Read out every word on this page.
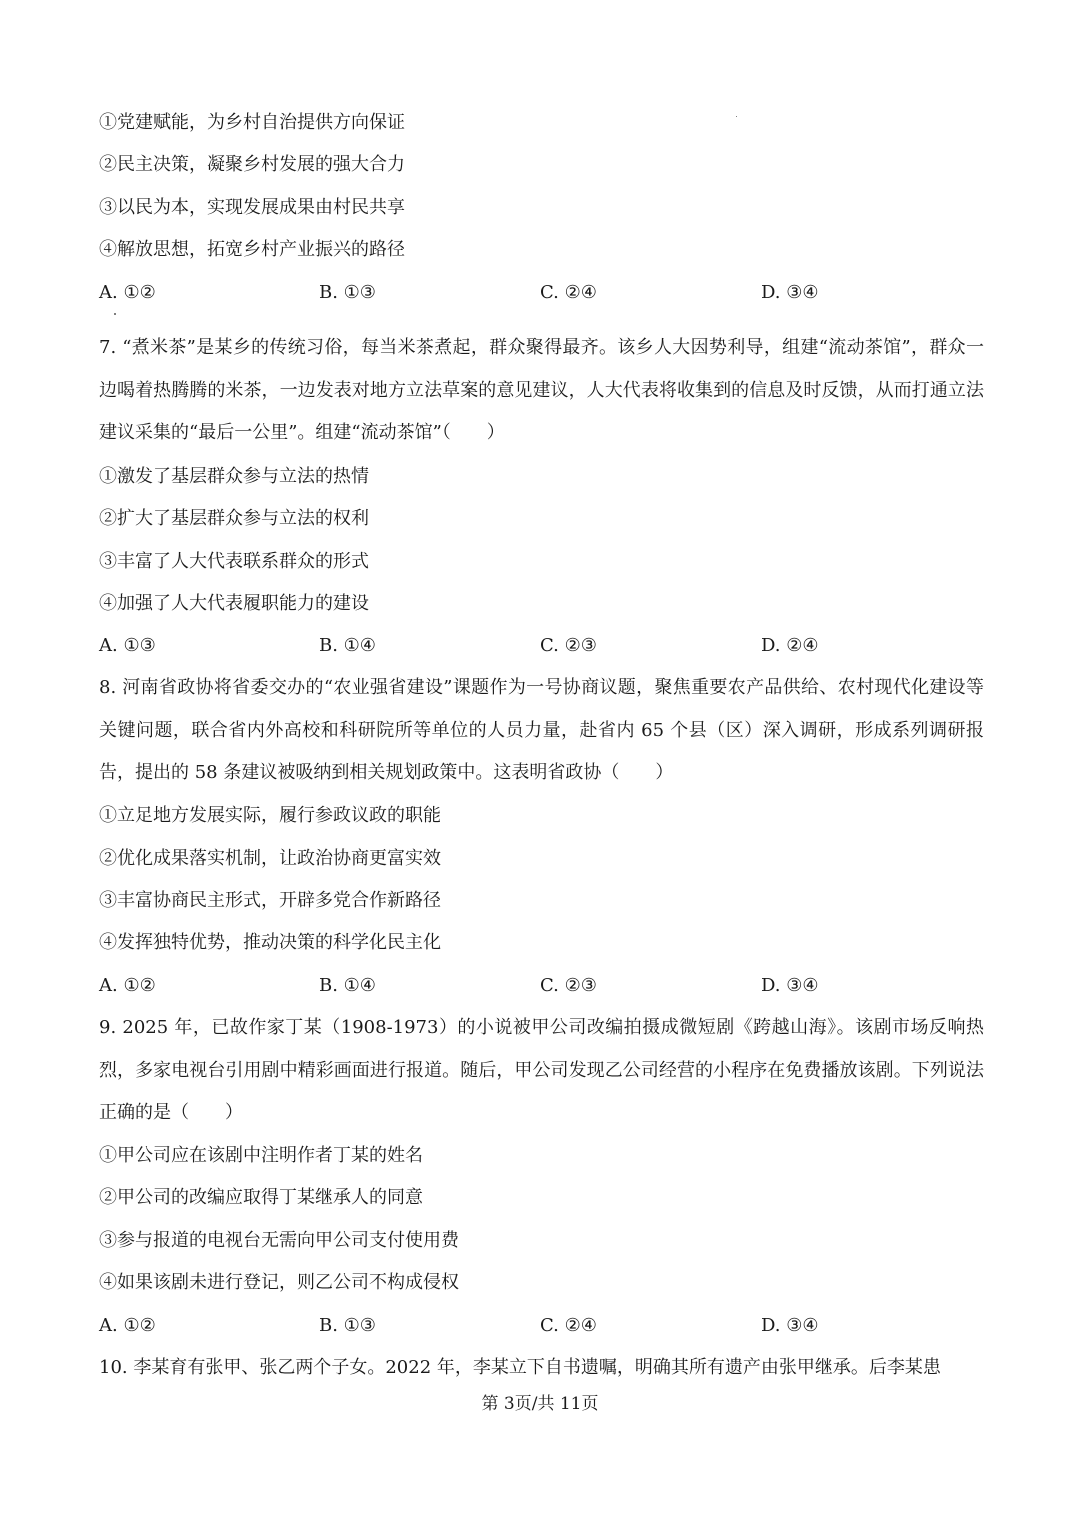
①党建赋能，为乡村自治提供方向保证
②民主决策，凝聚乡村发展的强大合力
③以民为本，实现发展成果由村民共享
④解放思想，拓宽乡村产业振兴的路径
A. ①②	B. ①③	C. ②④	D. ③④
7. “煮米茶”是某乡的传统习俗，每当米茶煮起，群众聚得最齐。该乡人大因势利导，组建“流动茶馆”，群众一边喝着热腾腾的米茶，一边发表对地方立法草案的意见建议，人大代表将收集到的信息及时反馈，从而打通立法建议采集的“最后一公里”。组建“流动茶馆”（　　）
①激发了基层群众参与立法的热情
②扩大了基层群众参与立法的权利
③丰富了人大代表联系群众的形式
④加强了人大代表履职能力的建设
A. ①③	B. ①④	C. ②③	D. ②④
8. 河南省政协将省委交办的“农业强省建设”课题作为一号协商议题，聚焦重要农产品供给、农村现代化建设等关键问题，联合省内外高校和科研院所等单位的人员力量，赴省内 65 个县（区）深入调研，形成系列调研报告，提出的 58 条建议被吸纳到相关规划政策中。这表明省政协（　　）
①立足地方发展实际，履行参政议政的职能
②优化成果落实机制，让政治协商更富实效
③丰富协商民主形式，开辟多党合作新路径
④发挥独特优势，推动决策的科学化民主化
A. ①②	B. ①④	C. ②③	D. ③④
9. 2025 年，已故作家丁某（1908-1973）的小说被甲公司改编拍摄成微短剧《跨越山海》。该剧市场反响热烈，多家电视台引用剧中精彩画面进行报道。随后，甲公司发现乙公司经营的小程序在免费播放该剧。下列说法正确的是（　　）
①甲公司应在该剧中注明作者丁某的姓名
②甲公司的改编应取得丁某继承人的同意
③参与报道的电视台无需向甲公司支付使用费
④如果该剧未进行登记，则乙公司不构成侵权
A. ①②	B. ①③	C. ②④	D. ③④
10. 李某育有张甲、张乙两个子女。2022 年，李某立下自书遗嘱，明确其所有遗产由张甲继承。后李某患
第 3页/共 11页
